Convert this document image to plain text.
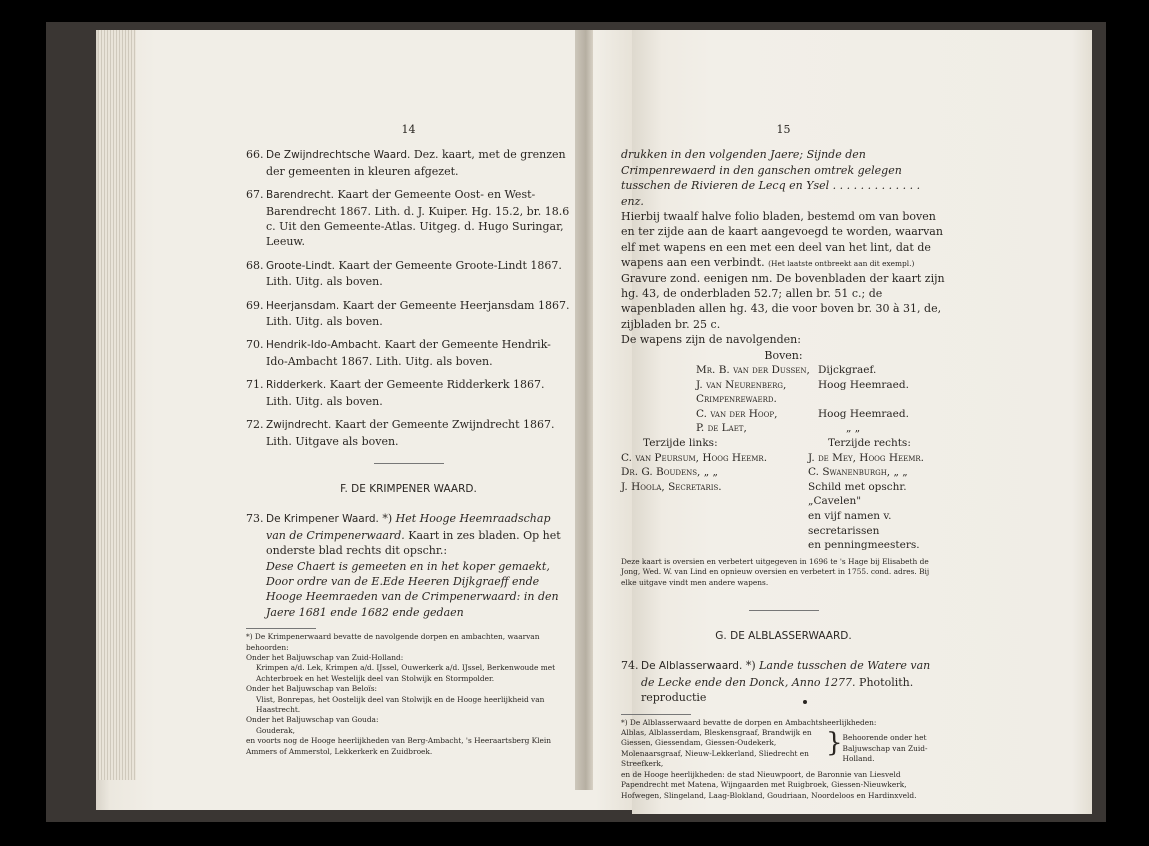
14
66. De Zwijndrechtsche Waard. Dez. kaart, met de grenzen der gemeenten in kleuren afgezet.
67. Barendrecht. Kaart der Gemeente Oost- en West-Barendrecht 1867. Lith. d. J. Kuiper. Hg. 15.2, br. 18.6 c. Uit den Gemeente-Atlas. Uitgeg. d. Hugo Suringar, Leeuw.
68. Groote-Lindt. Kaart der Gemeente Groote-Lindt 1867. Lith. Uitg. als boven.
69. Heerjansdam. Kaart der Gemeente Heerjansdam 1867. Lith. Uitg. als boven.
70. Hendrik-Ido-Ambacht. Kaart der Gemeente Hendrik-Ido-Ambacht 1867. Lith. Uitg. als boven.
71. Ridderkerk. Kaart der Gemeente Ridderkerk 1867. Lith. Uitg. als boven.
72. Zwijndrecht. Kaart der Gemeente Zwijndrecht 1867. Lith. Uitgave als boven.
F. DE KRIMPENER WAARD.
73. De Krimpener Waard. *) Het Hooge Heemraadschap van de Crimpenerwaard. Kaart in zes bladen. Op het onderste blad rechts dit opschr.:
Dese Chaert is gemeeten en in het koper gemaekt, Door ordre van de E.Ede Heeren Dijkgraeff ende Hooge Heemraeden van de Crimpenerwaard: in den Jaere 1681 ende 1682 ende gedaen
*) De Krimpenerwaard bevatte de navolgende dorpen en ambachten, waarvan behoorden:
Onder het Baljuwschap van Zuid-Holland:
Krimpen a/d. Lek, Krimpen a/d. IJssel, Ouwerkerk a/d. IJssel, Berkenwoude met Achterbroek en het Westelijk deel van Stolwijk en Stormpolder.
Onder het Baljuwschap van Beloïs:
Vlist, Bonrepas, het Oostelijk deel van Stolwijk en de Hooge heerlijkheid van Haastrecht.
Onder het Baljuwschap van Gouda:
Gouderak,
en voorts nog de Hooge heerlijkheden van Berg-Ambacht, 's Heeraartsberg Klein Ammers of Ammerstol, Lekkerkerk en Zuidbroek.
15
drukken in den volgenden Jaere; Sijnde den Crimpenrewaerd in den ganschen omtrek gelegen tusschen de Rivieren de Lecq en Ysel . . . . . . . . . . . . . enz.
Hierbij twaalf halve folio bladen, bestemd om van boven en ter zijde aan de kaart aangevoegd te worden, waarvan elf met wapens en een met een deel van het lint, dat de wapens aan een verbindt. (Het laatste ontbreekt aan dit exempl.) Gravure zond. eenigen nm. De bovenbladen der kaart zijn hg. 43, de onderbladen 52.7; allen br. 51 c.; de wapenbladen allen hg. 43, die voor boven br. 30 à 31, de, zijbladen br. 25 c.
De wapens zijn de navolgenden:
Boven:
Mr. B. van der Dussen,	Dijckgraef.
J. van Neurenberg,	Hoog Heemraed.
Crimpenrewaerd.	
C. van der Hoop,	Hoog Heemraed.
P. de Laet,	„ „
Terzijde links:	Terzijde rechts:
C. van Peursum, Hoog Heemr.	J. de Mey, Hoog Heemr.
Dr. G. Boudens, „ „	C. Swanenburgh, „ „
J. Hoola, Secretaris.	Schild met opschr. „Cavelen"
	en vijf namen v. secretarissen
	en penningmeesters.
Deze kaart is oversien en verbetert uitgegeven in 1696 te 's Hage bij Elisabeth de Jong, Wed. W. van Lind en opnieuw oversien en verbetert in 1755. cond. adres. Bij elke uitgave vindt men andere wapens.
G. DE ALBLASSERWAARD.
74. De Alblasserwaard. *) Lande tusschen de Watere van de Lecke ende den Donck, Anno 1277. Photolith. reproductie
*) De Alblasserwaard bevatte de dorpen en Ambachtsheerlijkheden:
Alblas, Alblasserdam, Bleskensgraaf, Brandwijk en Giessen, Giessendam, Giessen-Oudekerk, Molenaarsgraaf, Nieuw-Lekkerland, Sliedrecht en Streefkerk,	}	Behoorende onder het Baljuwschap van Zuid-Holland.
en de Hooge heerlijkheden: de stad Nieuwpoort, de Baronnie van Liesveld Papendrecht met Matena, Wijngaarden met Ruigbroek, Giessen-Nieuwkerk, Hofwegen, Slingeland, Laag-Blokland, Goudriaan, Noordeloos en Hardinxveld.
